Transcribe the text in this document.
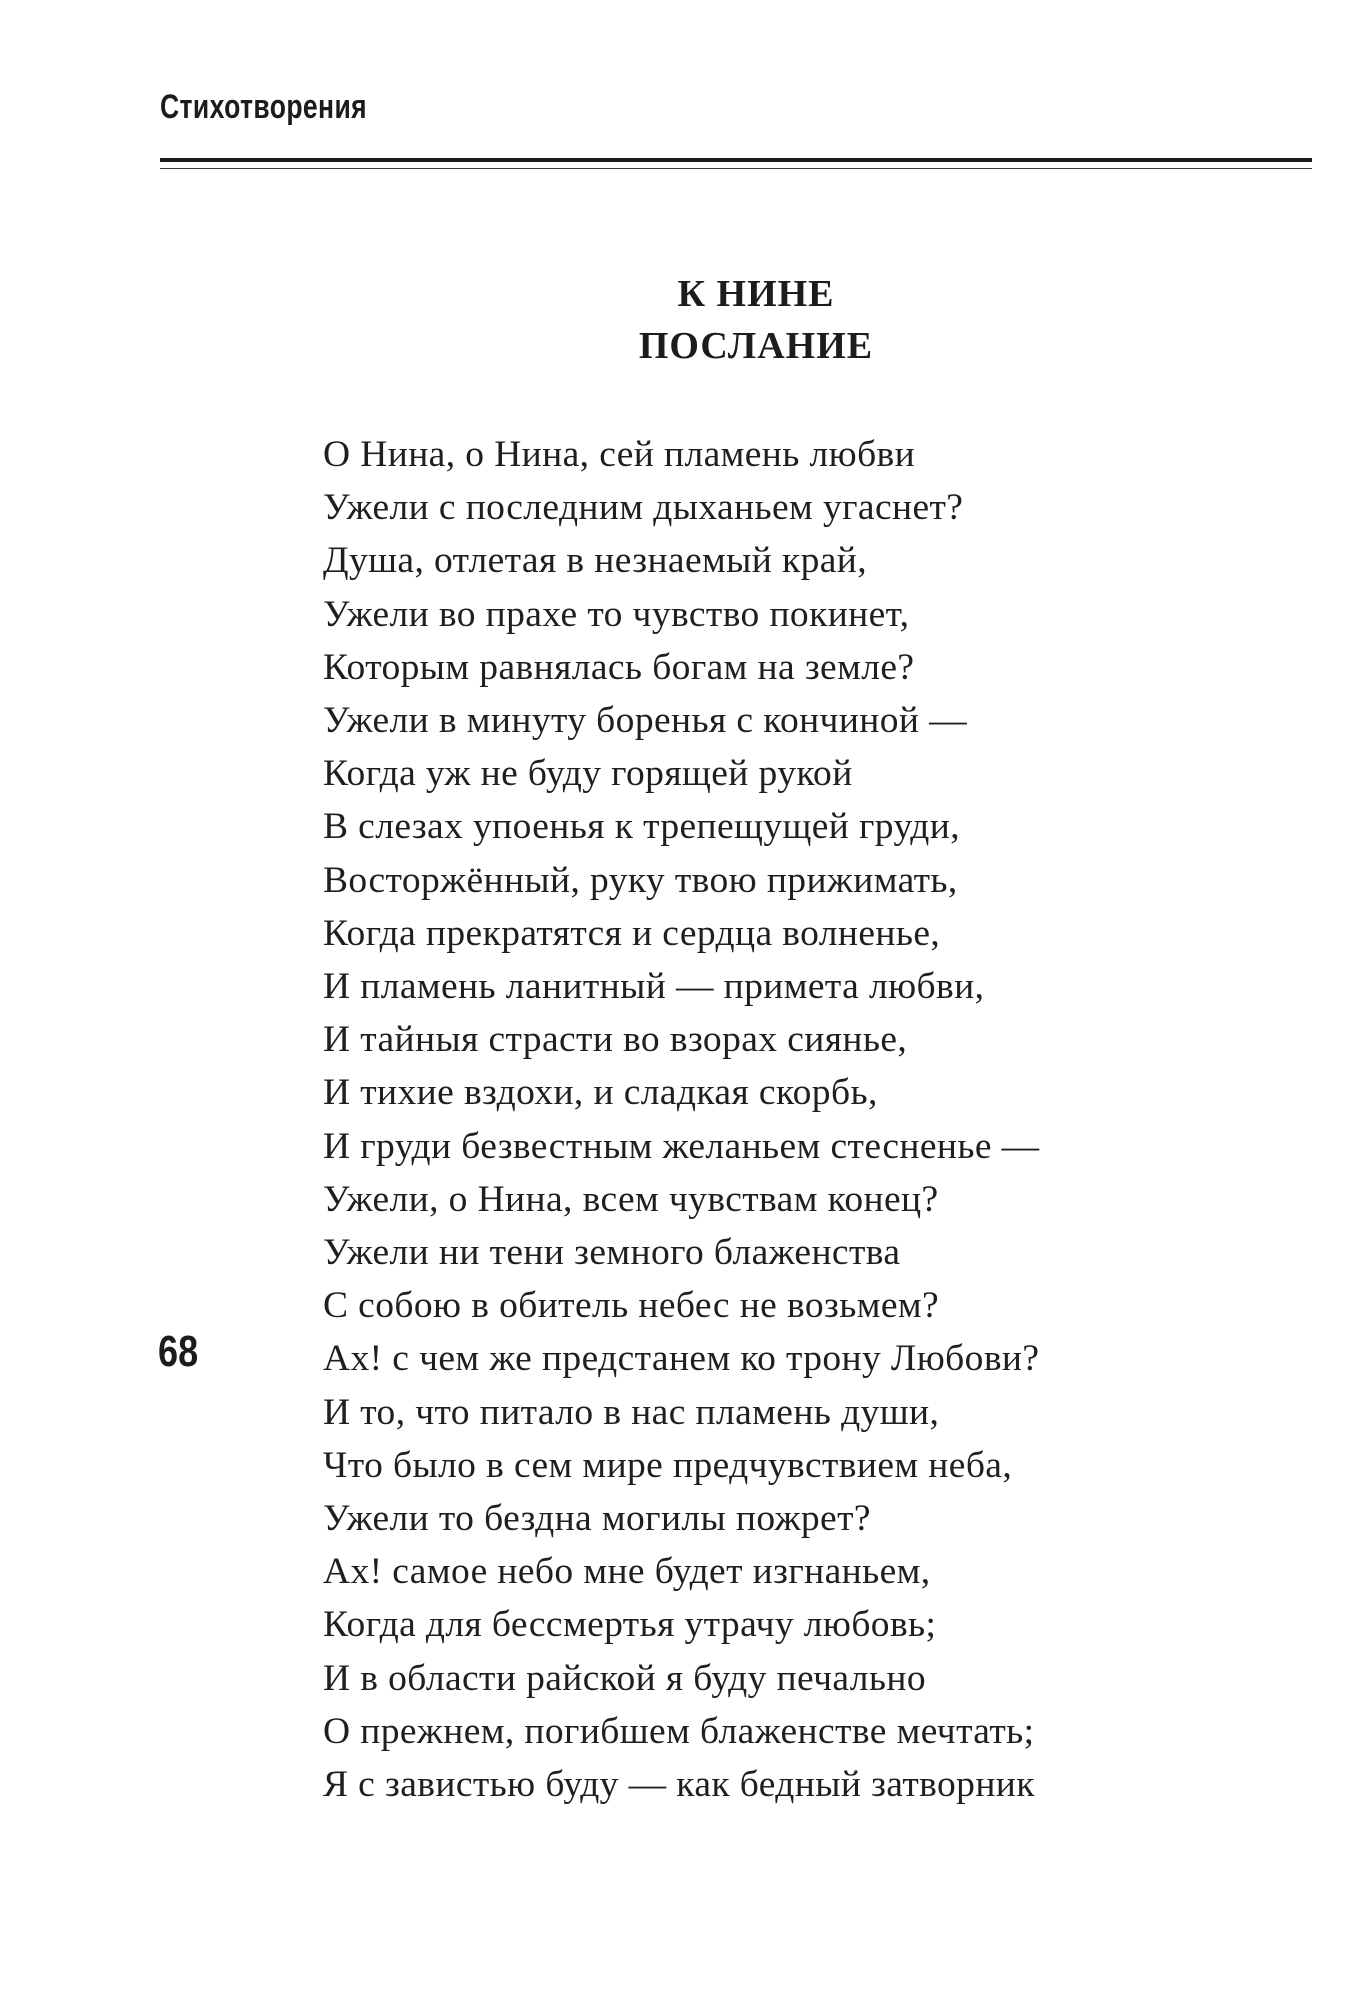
Стихотворения
К НИНЕ
ПОСЛАНИЕ
О Нина, о Нина, сей пламень любви
Ужели с последним дыханьем угаснет?
Душа, отлетая в незнаемый край,
Ужели во прахе то чувство покинет,
Которым равнялась богам на земле?
Ужели в минуту боренья с кончиной —
Когда уж не буду горящей рукой
В слезах упоенья к трепещущей груди,
Восторжённый, руку твою прижимать,
Когда прекратятся и сердца волненье,
И пламень ланитный — примета любви,
И тайныя страсти во взорах сиянье,
И тихие вздохи, и сладкая скорбь,
И груди безвестным желаньем стесненье —
Ужели, о Нина, всем чувствам конец?
Ужели ни тени земного блаженства
С собою в обитель небес не возьмем?
Ах! с чем же предстанем ко трону Любови?
И то, что питало в нас пламень души,
Что было в сем мире предчувствием неба,
Ужели то бездна могилы пожрет?
Ах! самое небо мне будет изгнаньем,
Когда для бессмертья утрачу любовь;
И в области райской я буду печально
О прежнем, погибшем блаженстве мечтать;
Я с завистью буду — как бедный затворник
68
